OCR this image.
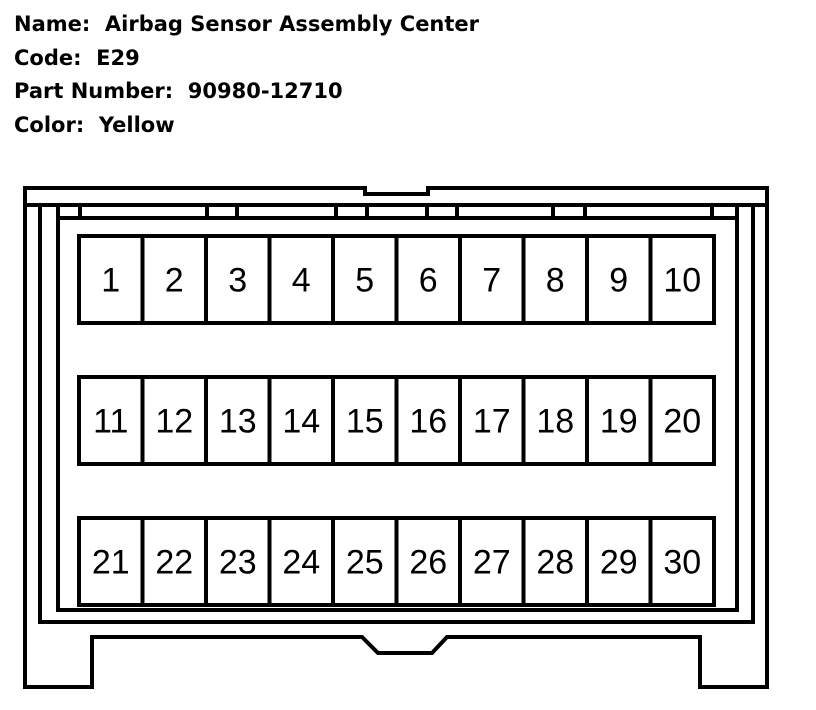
Name: Airbag Sensor Assembly Center
Code: E29
Part Number: 90980-12710
Color: Yellow
1 2 3 4 5 6 7 8 9 10
11 12 13 14 15 16 17 18 19 20
21 22 23 24 25 26 27 28 29 30
